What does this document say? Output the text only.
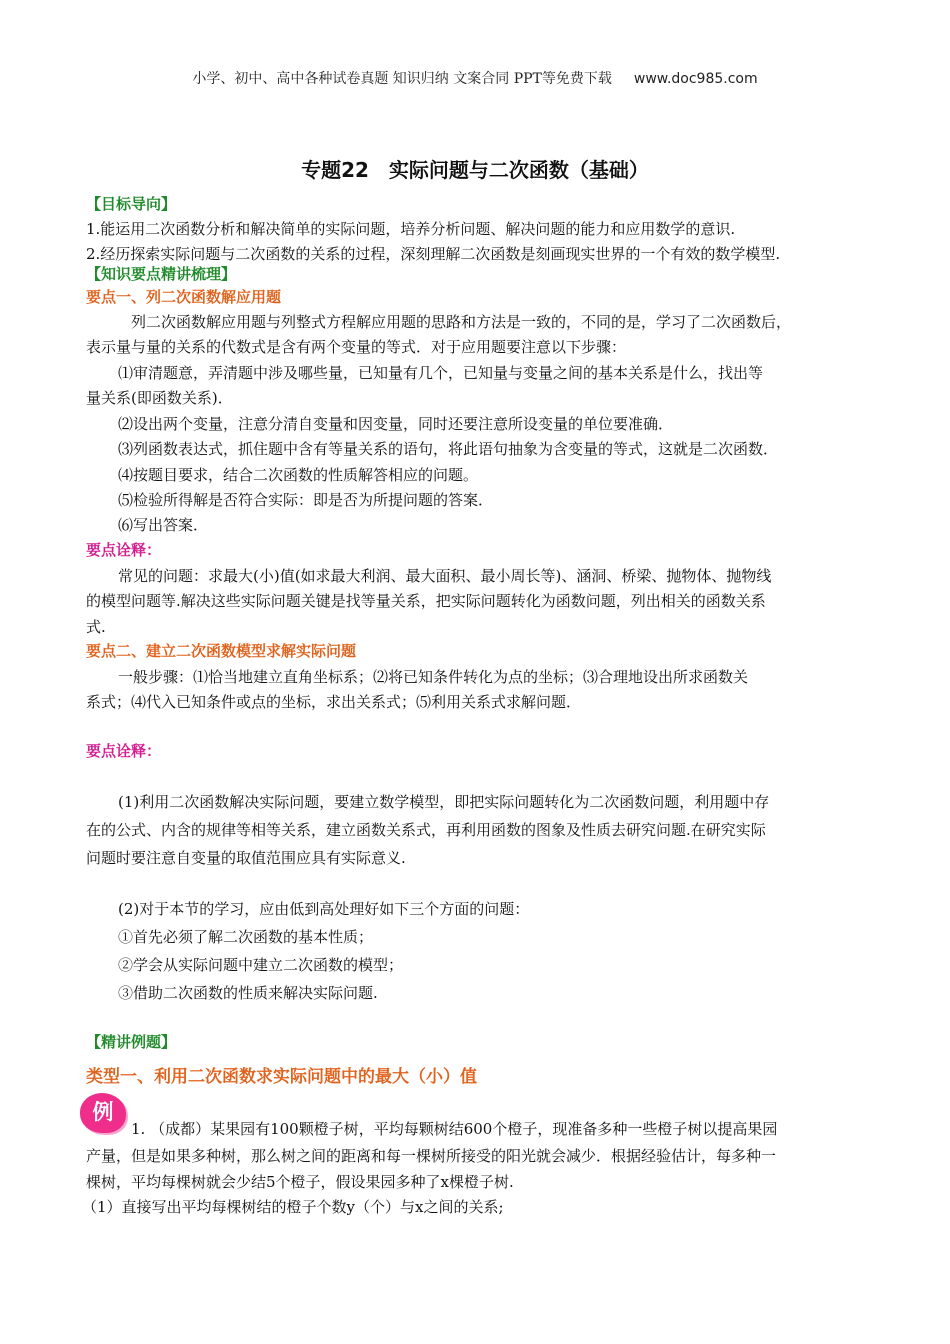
小学、初中、高中各种试卷真题 知识归纳 文案合同 PPT等免费下载 www.doc985.com
专题22　实际问题与二次函数（基础）
【目标导向】
1.能运用二次函数分析和解决简单的实际问题，培养分析问题、解决问题的能力和应用数学的意识.
2.经历探索实际问题与二次函数的关系的过程，深刻理解二次函数是刻画现实世界的一个有效的数学模型.
【知识要点精讲梳理】
要点一、列二次函数解应用题
列二次函数解应用题与列整式方程解应用题的思路和方法是一致的，不同的是，学习了二次函数后，
表示量与量的关系的代数式是含有两个变量的等式．对于应用题要注意以下步骤：
⑴审清题意，弄清题中涉及哪些量，已知量有几个，已知量与变量之间的基本关系是什么，找出等
量关系(即函数关系)．
⑵设出两个变量，注意分清自变量和因变量，同时还要注意所设变量的单位要准确．
⑶列函数表达式，抓住题中含有等量关系的语句，将此语句抽象为含变量的等式，这就是二次函数．
⑷按题目要求，结合二次函数的性质解答相应的问题。
⑸检验所得解是否符合实际：即是否为所提问题的答案．
⑹写出答案．
要点诠释：
常见的问题：求最大(小)值(如求最大利润、最大面积、最小周长等)、涵洞、桥梁、抛物体、抛物线
的模型问题等.解决这些实际问题关键是找等量关系，把实际问题转化为函数问题，列出相关的函数关系
式.
要点二、建立二次函数模型求解实际问题
一般步骤：⑴恰当地建立直角坐标系；⑵将已知条件转化为点的坐标；⑶合理地设出所求函数关
系式；⑷代入已知条件或点的坐标，求出关系式；⑸利用关系式求解问题．
要点诠释：
(1)利用二次函数解决实际问题，要建立数学模型，即把实际问题转化为二次函数问题，利用题中存
在的公式、内含的规律等相等关系，建立函数关系式，再利用函数的图象及性质去研究问题.在研究实际
问题时要注意自变量的取值范围应具有实际意义.
(2)对于本节的学习，应由低到高处理好如下三个方面的问题：
①首先必须了解二次函数的基本性质；
②学会从实际问题中建立二次函数的模型；
③借助二次函数的性质来解决实际问题.
【精讲例题】
类型一、利用二次函数求实际问题中的最大（小）值
例
1. （成都）某果园有100颗橙子树，平均每颗树结600个橙子，现准备多种一些橙子树以提高果园
产量，但是如果多种树，那么树之间的距离和每一棵树所接受的阳光就会减少．根据经验估计，每多种一
棵树，平均每棵树就会少结5个橙子，假设果园多种了x棵橙子树.
（1）直接写出平均每棵树结的橙子个数y（个）与x之间的关系;
